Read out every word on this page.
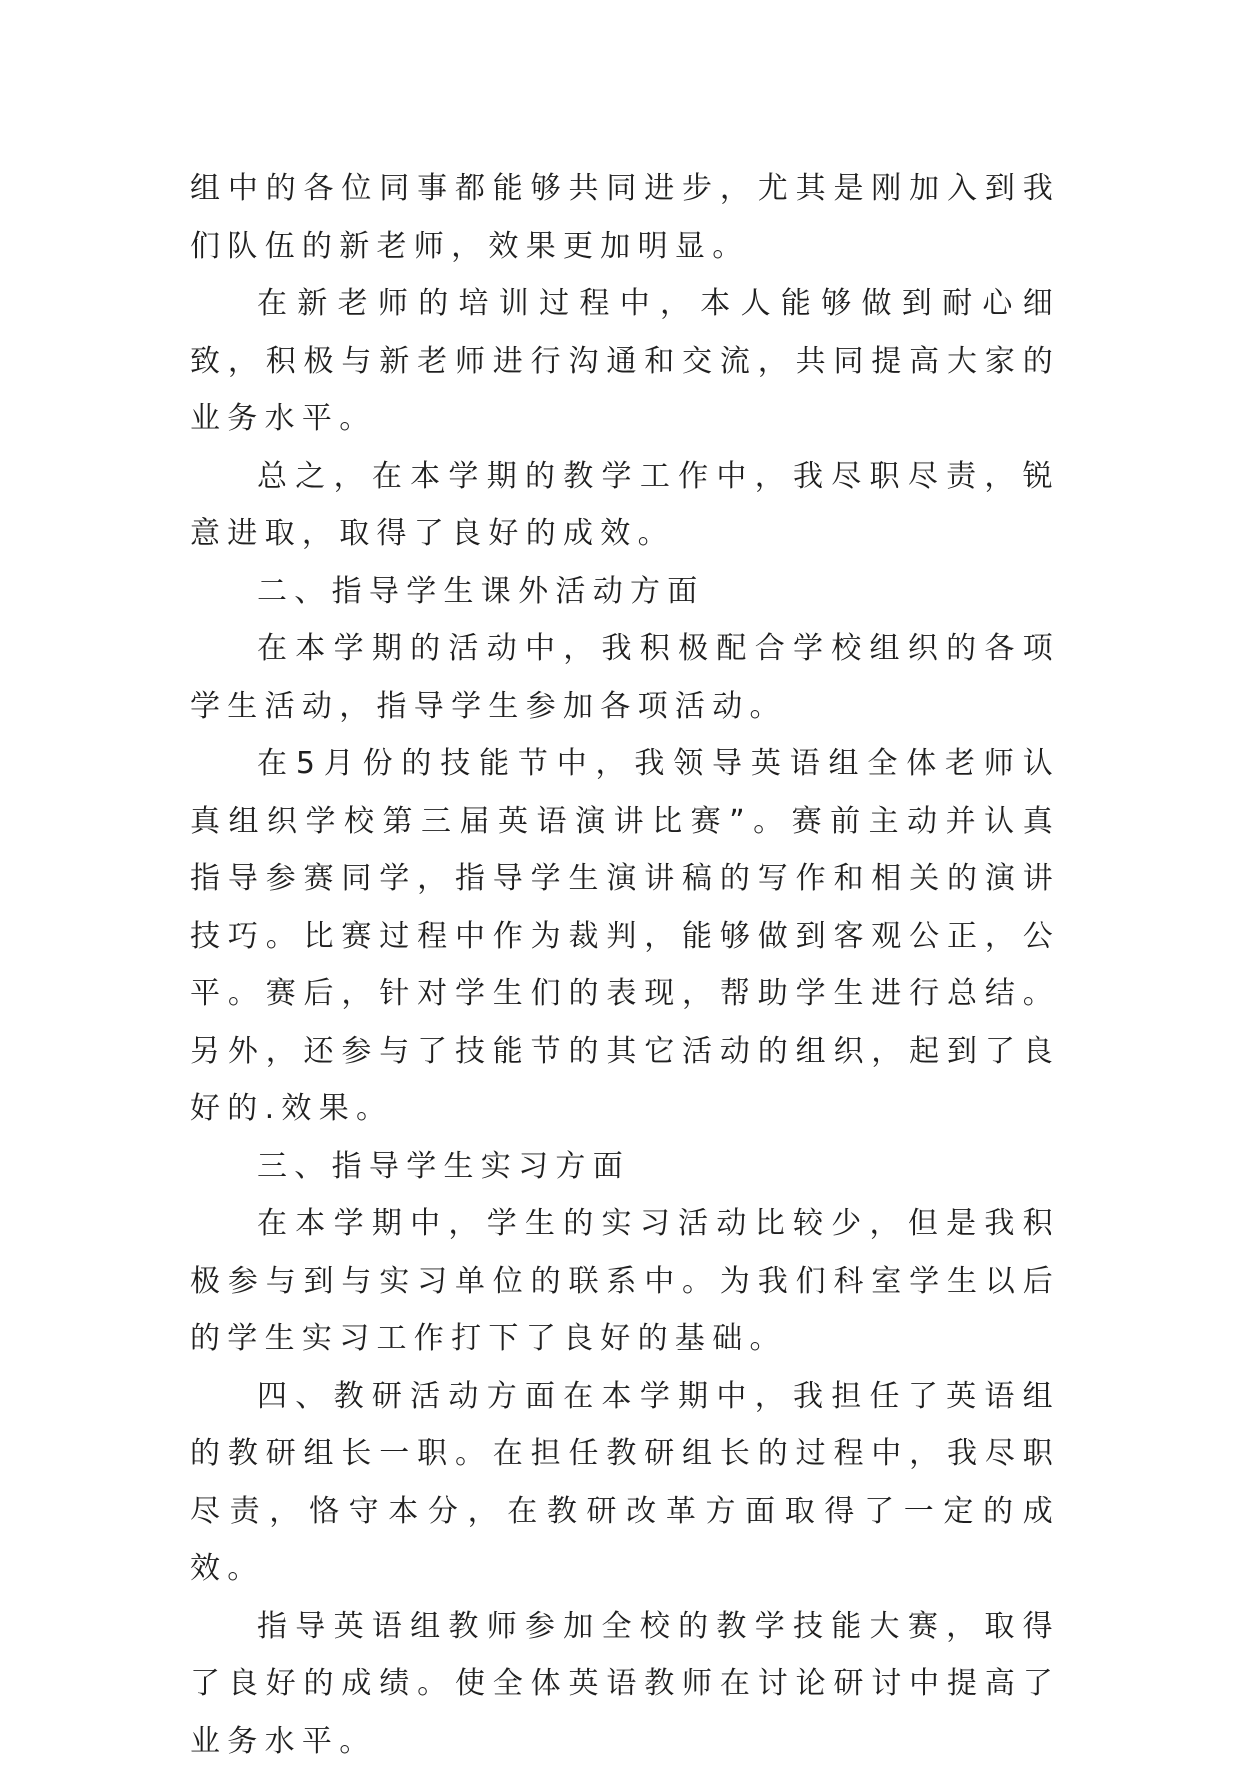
组中的各位同事都能够共同进步，尤其是刚加入到我们队伍的新老师，效果更加明显。

在新老师的培训过程中，本人能够做到耐心细致，积极与新老师进行沟通和交流，共同提高大家的业务水平。

总之，在本学期的教学工作中，我尽职尽责，锐意进取，取得了良好的成效。

二、指导学生课外活动方面

在本学期的活动中，我积极配合学校组织的各项学生活动，指导学生参加各项活动。

在5月份的技能节中，我领导英语组全体老师认真组织学校第三届英语演讲比赛”。赛前主动并认真指导参赛同学，指导学生演讲稿的写作和相关的演讲技巧。比赛过程中作为裁判，能够做到客观公正，公平。赛后，针对学生们的表现，帮助学生进行总结。另外，还参与了技能节的其它活动的组织，起到了良好的.效果。

三、指导学生实习方面

在本学期中，学生的实习活动比较少，但是我积极参与到与实习单位的联系中。为我们科室学生以后的学生实习工作打下了良好的基础。

四、教研活动方面在本学期中，我担任了英语组的教研组长一职。在担任教研组长的过程中，我尽职尽责，恪守本分，在教研改革方面取得了一定的成效。

指导英语组教师参加全校的教学技能大赛，取得了良好的成绩。使全体英语教师在讨论研讨中提高了业务水平。
